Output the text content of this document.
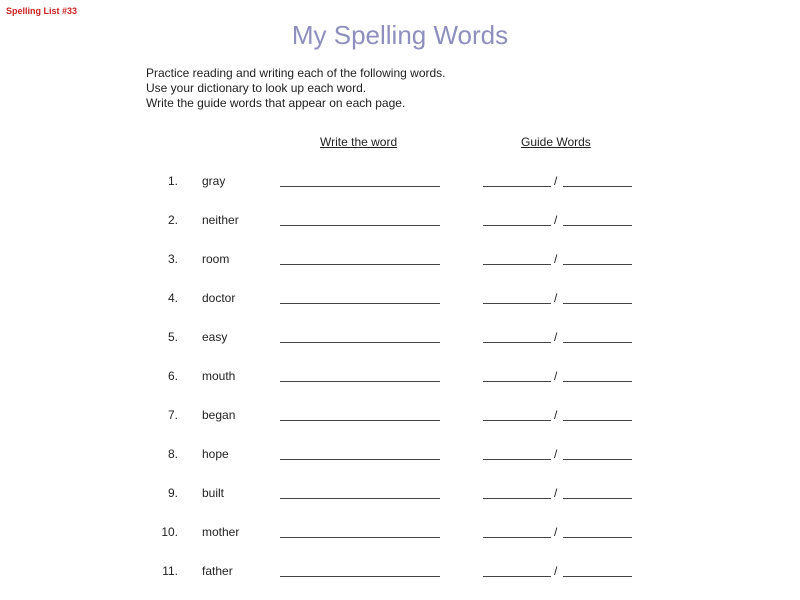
Spelling List #33
My Spelling Words
Practice reading and writing each of the following words.
Use your dictionary to look up each word.
Write the guide words that appear on each page.
Write the word	Guide Words
1. gray	/
2. neither	/
3. room	/
4. doctor	/
5. easy	/
6. mouth	/
7. began	/
8. hope	/
9. built	/
10. mother	/
11. father	/
